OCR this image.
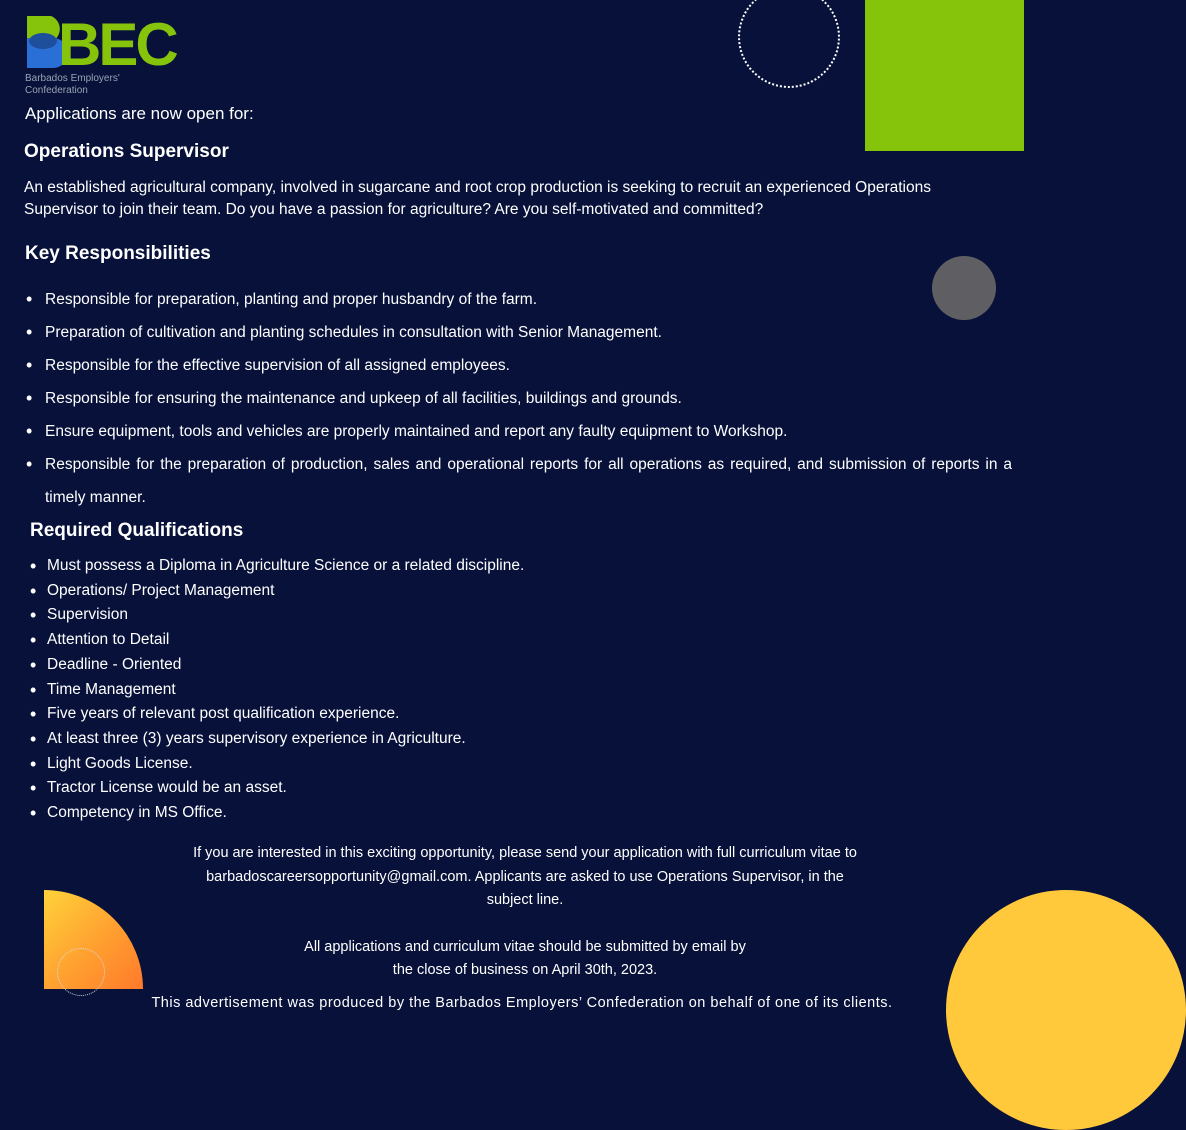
BEC
Barbados Employers'
Confederation
Applications are now open for:
Operations Supervisor
An established agricultural company, involved in sugarcane and root crop production is seeking to recruit an experienced Operations Supervisor to join their team. Do you have a passion for agriculture? Are you self-motivated and committed?
Key Responsibilities
• Responsible for preparation, planting and proper husbandry of the farm.
• Preparation of cultivation and planting schedules in consultation with Senior Management.
• Responsible for the effective supervision of all assigned employees.
• Responsible for ensuring the maintenance and upkeep of all facilities, buildings and grounds.
• Ensure equipment, tools and vehicles are properly maintained and report any faulty equipment to Workshop.
• Responsible for the preparation of production, sales and operational reports for all operations as required, and submission of reports in a timely manner.
Required Qualifications
• Must possess a Diploma in Agriculture Science or a related discipline.
• Operations/ Project Management
• Supervision
• Attention to Detail
• Deadline - Oriented
• Time Management
• Five years of relevant post qualification experience.
• At least three (3) years supervisory experience in Agriculture.
• Light Goods License.
• Tractor License would be an asset.
• Competency in MS Office.

If you are interested in this exciting opportunity, please send your application with full curriculum vitae to

barbadoscareersopportunity@gmail.com. Applicants are asked to use Operations Supervisor, in the

subject line.

All applications and curriculum vitae should be submitted by email by

the close of business on April 30th, 2023.

This advertisement was produced by the Barbados Employers’ Confederation on behalf of one of its clients.
